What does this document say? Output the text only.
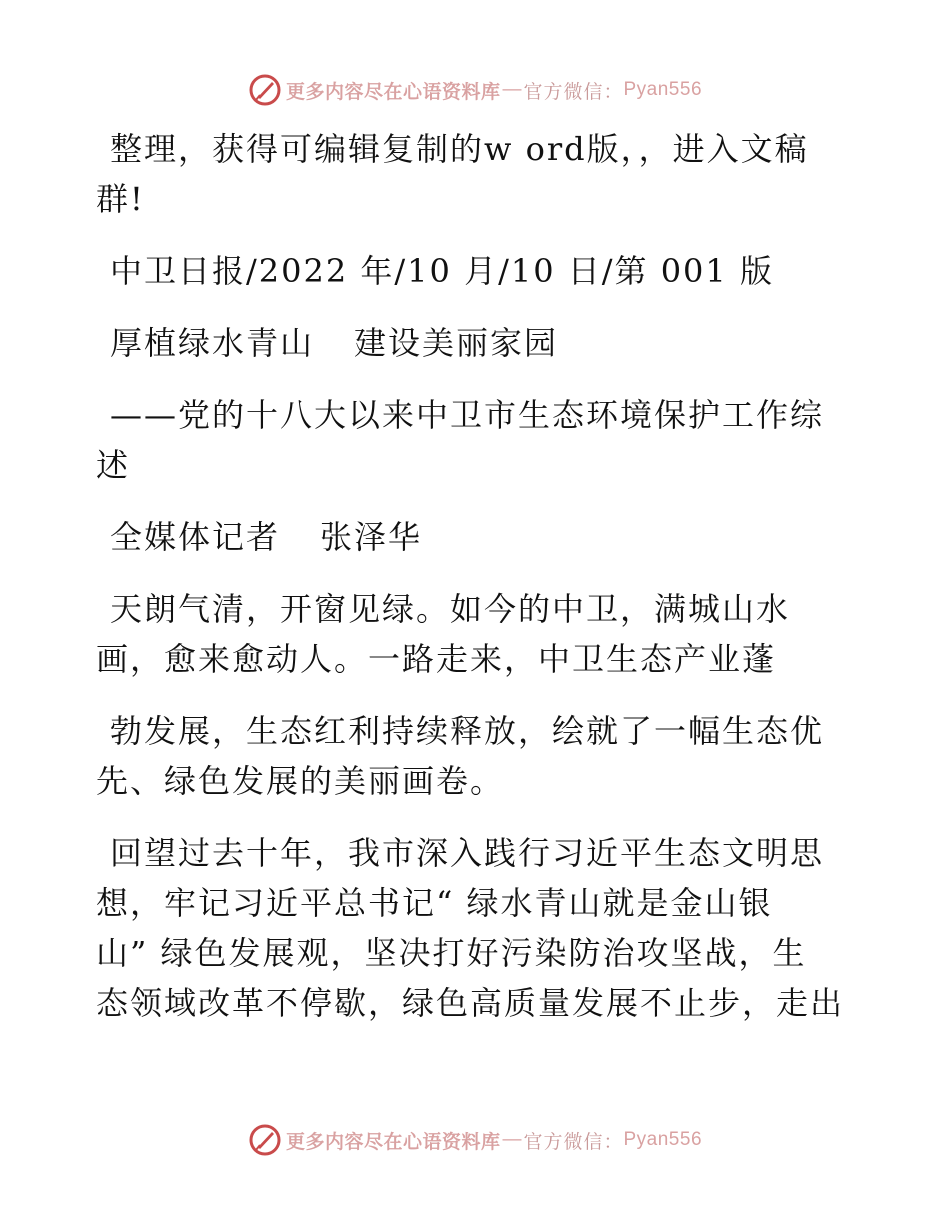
更多内容尽在心语资料库 — 官方微信： Pyan556
整理，获得可编辑复制的w ord版，，进入文稿
群!
中卫日报/2022 年/10 月/10 日/第 001 版
厚植绿水青山 建设美丽家园
——党的十八大以来中卫市生态环境保护工作综
述
全媒体记者 张泽华
天朗气清，开窗见绿。如今的中卫，满城山水
画，愈来愈动人。一路走来，中卫生态产业蓬
勃发展，生态红利持续释放，绘就了一幅生态优
先、绿色发展的美丽画卷。
回望过去十年，我市深入践行习近平生态文明思
想，牢记习近平总书记“ 绿水青山就是金山银
山” 绿色发展观，坚决打好污染防治攻坚战，生
态领域改革不停歇，绿色高质量发展不止步，走出
更多内容尽在心语资料库 — 官方微信： Pyan556
